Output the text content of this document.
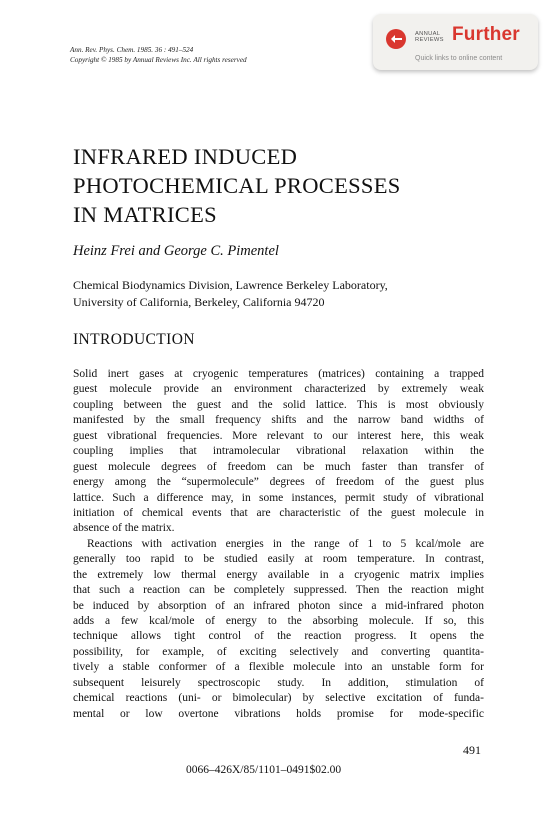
Ann. Rev. Phys. Chem. 1985. 36 : 491–524
Copyright © 1985 by Annual Reviews Inc. All rights reserved
ANNUAL
REVIEWS Further
Quick links to online content
INFRARED INDUCED
PHOTOCHEMICAL PROCESSES
IN MATRICES

Heinz Frei and George C. Pimentel

Chemical Biodynamics Division, Lawrence Berkeley Laboratory,
University of California, Berkeley, California 94720
INTRODUCTION
Solid inert gases at cryogenic temperatures (matrices) containing a trapped
guest molecule provide an environment characterized by extremely weak
coupling between the guest and the solid lattice. This is most obviously
manifested by the small frequency shifts and the narrow band widths of
guest vibrational frequencies. More relevant to our interest here, this weak
coupling implies that intramolecular vibrational relaxation within the
guest molecule degrees of freedom can be much faster than transfer of
energy among the “supermolecule” degrees of freedom of the guest plus
lattice. Such a difference may, in some instances, permit study of vibrational
initiation of chemical events that are characteristic of the guest molecule in
absence of the matrix.
Reactions with activation energies in the range of 1 to 5 kcal/mole are
generally too rapid to be studied easily at room temperature. In contrast,
the extremely low thermal energy available in a cryogenic matrix implies
that such a reaction can be completely suppressed. Then the reaction might
be induced by absorption of an infrared photon since a mid-infrared photon
adds a few kcal/mole of energy to the absorbing molecule. If so, this
technique allows tight control of the reaction progress. It opens the
possibility, for example, of exciting selectively and converting quantita-
tively a stable conformer of a flexible molecule into an unstable form for
subsequent leisurely spectroscopic study. In addition, stimulation of
chemical reactions (uni- or bimolecular) by selective excitation of funda-
mental or low overtone vibrations holds promise for mode-specific
491
0066–426X/85/1101–0491$02.00
